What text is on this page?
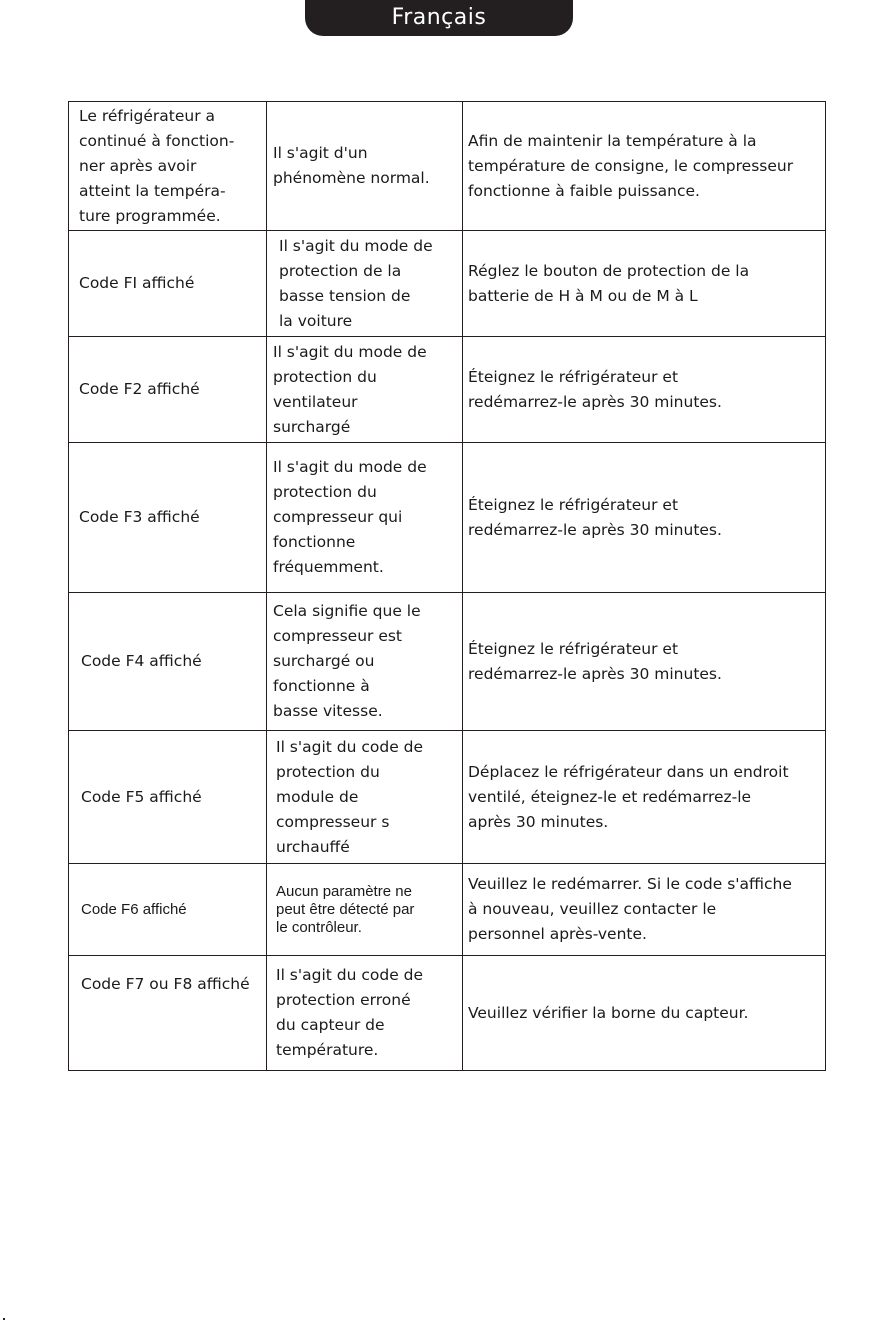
Français
Le réfrigérateur a
continué à fonction-
ner après avoir
atteint la tempéra-
ture programmée.	Il s'agit d'un
phénomène normal.	Afin de maintenir la température à la
température de consigne, le compresseur
fonctionne à faible puissance.

Code FI affiché	Il s'agit du mode de
protection de la
basse tension de
la voiture	Réglez le bouton de protection de la
batterie de H à M ou de M à L

Code F2 affiché	Il s'agit du mode de
protection du
ventilateur
surchargé	Éteignez le réfrigérateur et
redémarrez-le après 30 minutes.

Code F3 affiché	Il s'agit du mode de
protection du
compresseur qui
fonctionne
fréquemment.	Éteignez le réfrigérateur et
redémarrez-le après 30 minutes.

Code F4 affiché	Cela signifie que le
compresseur est
surchargé ou
fonctionne à
basse vitesse.	Éteignez le réfrigérateur et
redémarrez-le après 30 minutes.

Code F5 affiché	Il s'agit du code de
protection du
module de
compresseur s
urchauffé	Déplacez le réfrigérateur dans un endroit
ventilé, éteignez-le et redémarrez-le
après 30 minutes.

Code F6 affiché	Aucun paramètre ne
peut être détecté par
le contrôleur.	Veuillez le redémarrer. Si le code s'affiche
à nouveau, veuillez contacter le
personnel après-vente.

Code F7 ou F8 affiché	Il s'agit du code de
protection erroné
du capteur de
température.	Veuillez vérifier la borne du capteur.
